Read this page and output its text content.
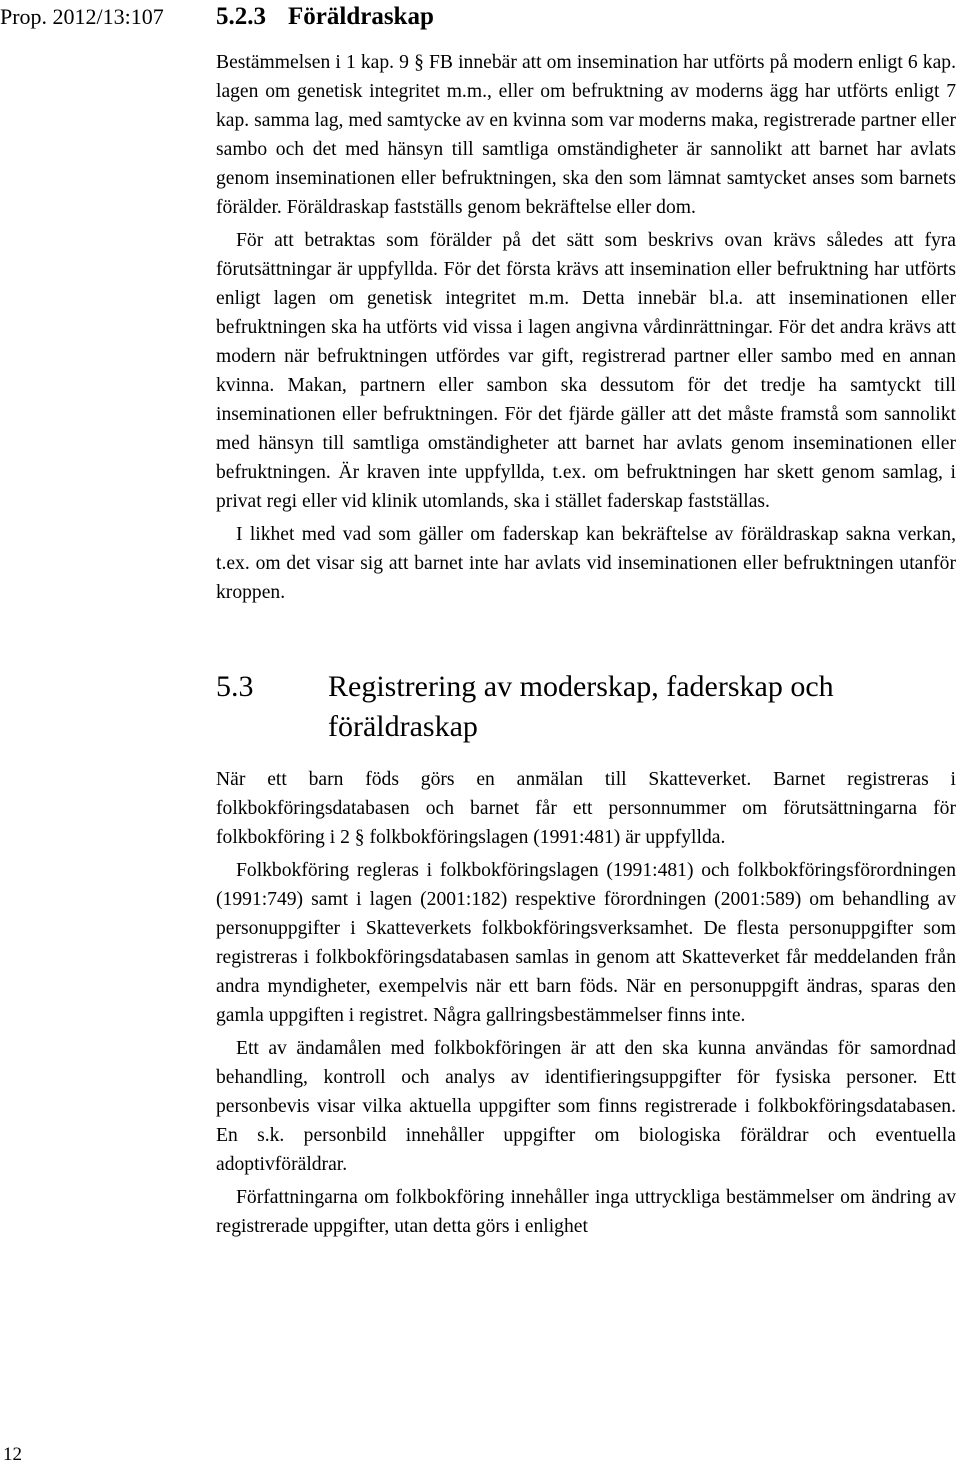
Prop. 2012/13:107 5.2.3 Föräldraskap

Bestämmelsen i 1 kap. 9 § FB innebär att om insemination har utförts på modern enligt 6 kap. lagen om genetisk integritet m.m., eller om befruktning av moderns ägg har utförts enligt 7 kap. samma lag, med samtycke av en kvinna som var moderns maka, registrerade partner eller sambo och det med hänsyn till samtliga omständigheter är sannolikt att barnet har avlats genom inseminationen eller befruktningen, ska den som lämnat samtycket anses som barnets förälder. Föräldraskap fastställs genom bekräftelse eller dom.

För att betraktas som förälder på det sätt som beskrivs ovan krävs således att fyra förutsättningar är uppfyllda. För det första krävs att insemination eller befruktning har utförts enligt lagen om genetisk integritet m.m. Detta innebär bl.a. att inseminationen eller befruktningen ska ha utförts vid vissa i lagen angivna vårdinrättningar. För det andra krävs att modern när befruktningen utfördes var gift, registrerad partner eller sambo med en annan kvinna. Makan, partnern eller sambon ska dessutom för det tredje ha samtyckt till inseminationen eller befruktningen. För det fjärde gäller att det måste framstå som sannolikt med hänsyn till samtliga omständigheter att barnet har avlats genom inseminationen eller befruktningen. Är kraven inte uppfyllda, t.ex. om befruktningen har skett genom samlag, i privat regi eller vid klinik utomlands, ska i stället faderskap fastställas.

I likhet med vad som gäller om faderskap kan bekräftelse av föräldraskap sakna verkan, t.ex. om det visar sig att barnet inte har avlats vid inseminationen eller befruktningen utanför kroppen.

5.3	Registrering av moderskap, faderskap och föräldraskap

När ett barn föds görs en anmälan till Skatteverket. Barnet registreras i folkbokföringsdatabasen och barnet får ett personnummer om förutsättningarna för folkbokföring i 2 § folkbokföringslagen (1991:481) är uppfyllda.

Folkbokföring regleras i folkbokföringslagen (1991:481) och folkbokföringsförordningen (1991:749) samt i lagen (2001:182) respektive förordningen (2001:589) om behandling av personuppgifter i Skatteverkets folkbokföringsverksamhet. De flesta personuppgifter som registreras i folkbokföringsdatabasen samlas in genom att Skatteverket får meddelanden från andra myndigheter, exempelvis när ett barn föds. När en personuppgift ändras, sparas den gamla uppgiften i registret. Några gallringsbestämmelser finns inte.

Ett av ändamålen med folkbokföringen är att den ska kunna användas för samordnad behandling, kontroll och analys av identifieringsuppgifter för fysiska personer. Ett personbevis visar vilka aktuella uppgifter som finns registrerade i folkbokföringsdatabasen. En s.k. personbild innehåller uppgifter om biologiska föräldrar och eventuella adoptivföräldrar.

Författningarna om folkbokföring innehåller inga uttryckliga bestämmelser om ändring av registrerade uppgifter, utan detta görs i enlighet

12
